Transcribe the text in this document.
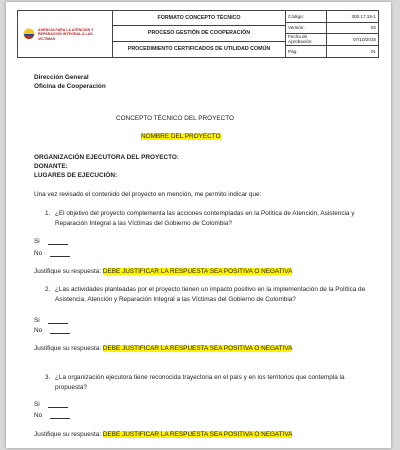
AGENCIA PARA LA ATENCIÓN Y REPARACIÓN INTEGRAL A LAS VÍCTIMAS
FORMATO CONCEPTO TÉCNICO
PROCESO GESTIÓN DE COOPERACIÓN
PROCEDIMIENTO CERTIFICADOS DE UTILIDAD COMÚN
Código:	300.17.15-1
Versión:	02
Fecha de Aprobación:	07/10/2015
Pág.	01
Dirección General
Oficina de Cooperación
CONCEPTO TÉCNICO DEL PROYECTO
NOMBRE DEL PROYECTO
ORGANIZACIÓN EJECUTORA DEL PROYECTO:
DONANTE:
LUGARES DE EJECUCIÓN:
Una vez revisado el contenido del proyecto en mención, me permito indicar que:
1. ¿El objetivo del proyecto complementa las acciones contempladas en la Política de Atención, Asistencia y Reparación Integral a las Víctimas del Gobierno de Colombia?
Si
No
Justifique su respuesta: DEBE JUSTIFICAR LA RESPUESTA SEA POSITIVA O NEGATIVA
2. ¿Las actividades planteadas por el proyecto tienen un impacto positivo en la implementación de la Política de Asistencia, Atención y Reparación Integral a las Víctimas del Gobierno de Colombia?
Si
No
Justifique su respuesta: DEBE JUSTIFICAR LA RESPUESTA SEA POSITIVA O NEGATIVA
3. ¿La organización ejecutora tiene reconocida trayectoria en el país y en los territorios que contempla la propuesta?
Si
No
Justifique su respuesta: DEBE JUSTIFICAR LA RESPUESTA SEA POSITIVA O NEGATIVA
